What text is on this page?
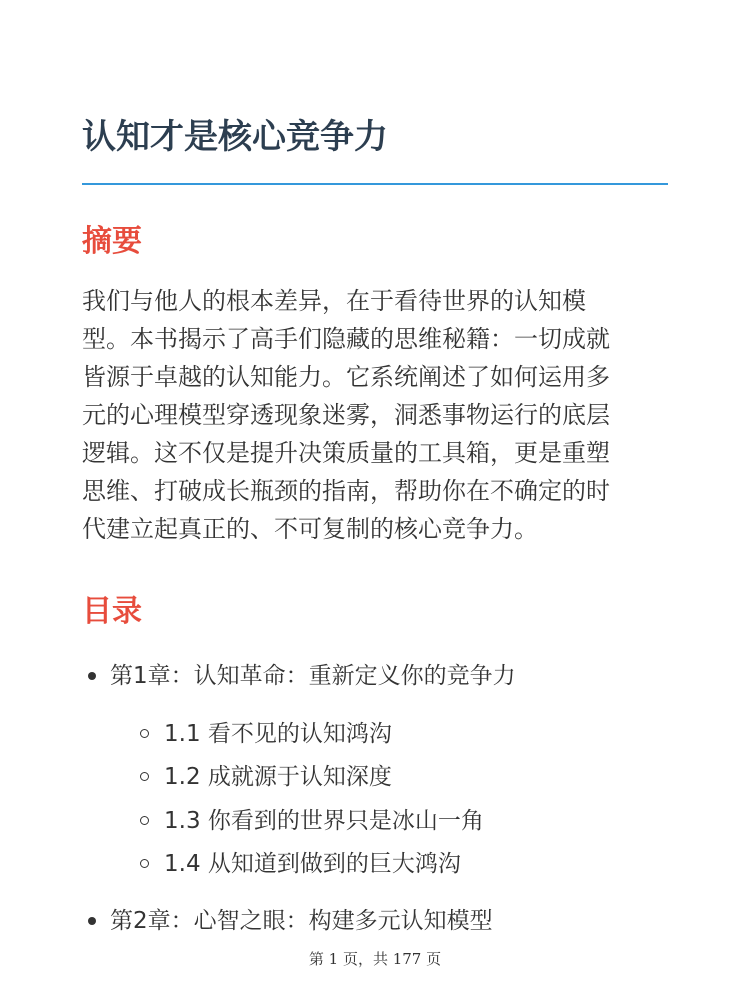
认知才是核心竞争力
摘要

我们与他人的根本差异，在于看待世界的认知模
型。本书揭示了高手们隐藏的思维秘籍：一切成就
皆源于卓越的认知能力。它系统阐述了如何运用多
元的心理模型穿透现象迷雾，洞悉事物运行的底层
逻辑。这不仅是提升决策质量的工具箱，更是重塑
思维、打破成长瓶颈的指南，帮助你在不确定的时
代建立起真正的、不可复制的核心竞争力。

目录
第1章：认知革命：重新定义你的竞争力
1.1 看不见的认知鸿沟
1.2 成就源于认知深度
1.3 你看到的世界只是冰山一角
1.4 从知道到做到的巨大鸿沟
第2章：心智之眼：构建多元认知模型
第 1 页，共 177 页
